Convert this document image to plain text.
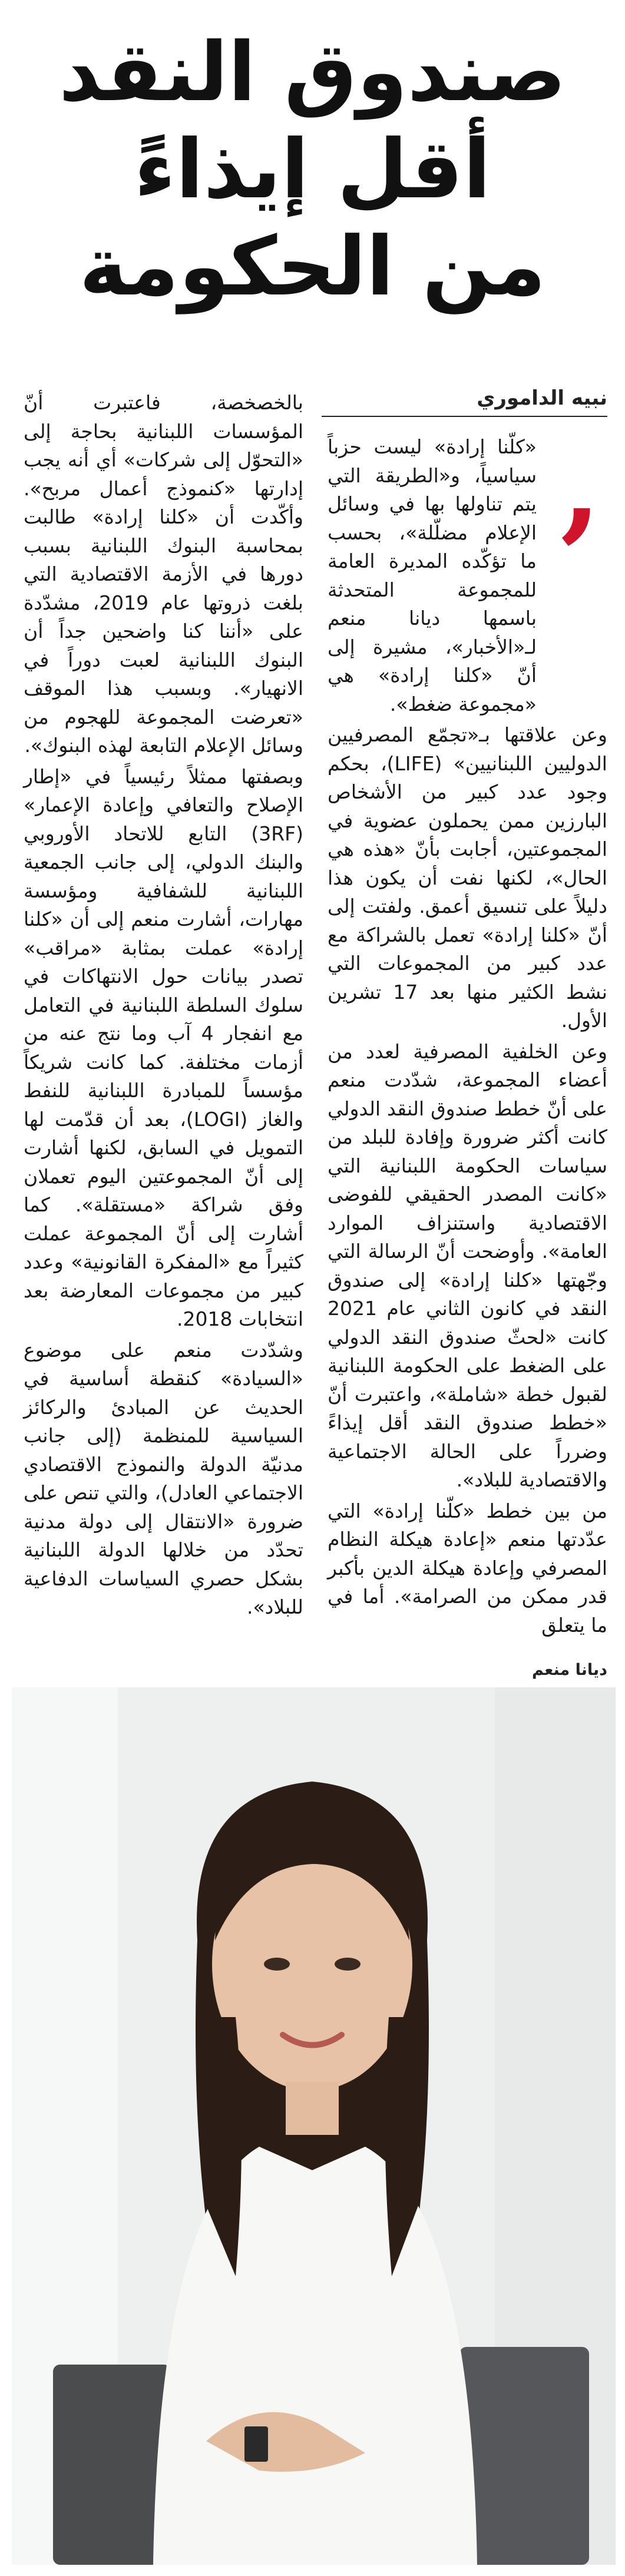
صندوق النقد
أقل إيذاءً
من الحكومة
نبيه الداموري
,

«كلّنا إرادة» ليست حزباً سياسياً، و«الطريقة التي يتم تناولها بها في وسائل الإعلام مضلّلة»، بحسب ما تؤكّده المديرة العامة للمجموعة المتحدثة باسمها ديانا منعم لـ«الأخبار»، مشيرة إلى أنّ «كلنا إرادة» هي «مجموعة ضغط».

وعن علاقتها بـ«تجمّع المصرفيين الدوليين اللبنانيين» (LIFE)، بحكم وجود عدد كبير من الأشخاص البارزين ممن يحملون عضوية في المجموعتين، أجابت بأنّ «هذه هي الحال»، لكنها نفت أن يكون هذا دليلاً على تنسيق أعمق. ولفتت إلى أنّ «كلنا إرادة» تعمل بالشراكة مع عدد كبير من المجموعات التي نشط الكثير منها بعد 17 تشرين الأول.

وعن الخلفية المصرفية لعدد من أعضاء المجموعة، شدّدت منعم على أنّ خطط صندوق النقد الدولي كانت أكثر ضرورة وإفادة للبلد من سياسات الحكومة اللبنانية التي «كانت المصدر الحقيقي للفوضى الاقتصادية واستنزاف الموارد العامة». وأوضحت أنّ الرسالة التي وجّهتها «كلنا إرادة» إلى صندوق النقد في كانون الثاني عام 2021 كانت «لحثّ صندوق النقد الدولي على الضغط على الحكومة اللبنانية لقبول خطة «شاملة»، واعتبرت أنّ «خطط صندوق النقد أقل إيذاءً وضرراً على الحالة الاجتماعية والاقتصادية للبلاد».

من بين خطط «كلّنا إرادة» التي عدّدتها منعم «إعادة هيكلة النظام المصرفي وإعادة هيكلة الدين بأكبر قدر ممكن من الصرامة». أما في ما يتعلق

بالخصخصة، فاعتبرت أنّ المؤسسات اللبنانية بحاجة إلى «التحوّل إلى شركات» أي أنه يجب إدارتها «كنموذج أعمال مربح». وأكّدت أن «كلنا إرادة» طالبت بمحاسبة البنوك اللبنانية بسبب دورها في الأزمة الاقتصادية التي بلغت ذروتها عام 2019، مشدّدة على «أننا كنا واضحين جداً أن البنوك اللبنانية لعبت دوراً في الانهيار». وبسبب هذا الموقف «تعرضت المجموعة للهجوم من وسائل الإعلام التابعة لهذه البنوك».

وبصفتها ممثلاً رئيسياً في «إطار الإصلاح والتعافي وإعادة الإعمار» (3RF) التابع للاتحاد الأوروبي والبنك الدولي، إلى جانب الجمعية اللبنانية للشفافية ومؤسسة مهارات، أشارت منعم إلى أن «كلنا إرادة» عملت بمثابة «مراقب» تصدر بيانات حول الانتهاكات في سلوك السلطة اللبنانية في التعامل مع انفجار 4 آب وما نتج عنه من أزمات مختلفة. كما كانت شريكاً مؤسساً للمبادرة اللبنانية للنفط والغاز (LOGI)، بعد أن قدّمت لها التمويل في السابق، لكنها أشارت إلى أنّ المجموعتين اليوم تعملان وفق شراكة «مستقلة». كما أشارت إلى أنّ المجموعة عملت كثيراً مع «المفكرة القانونية» وعدد كبير من مجموعات المعارضة بعد انتخابات 2018.

وشدّدت منعم على موضوع «السيادة» كنقطة أساسية في الحديث عن المبادئ والركائز السياسية للمنظمة (إلى جانب مدنيّة الدولة والنموذج الاقتصادي الاجتماعي العادل)، والتي تنص على ضرورة «الانتقال إلى دولة مدنية تحدّد من خلالها الدولة اللبنانية بشكل حصري السياسات الدفاعية للبلاد».

ديانا منعم
